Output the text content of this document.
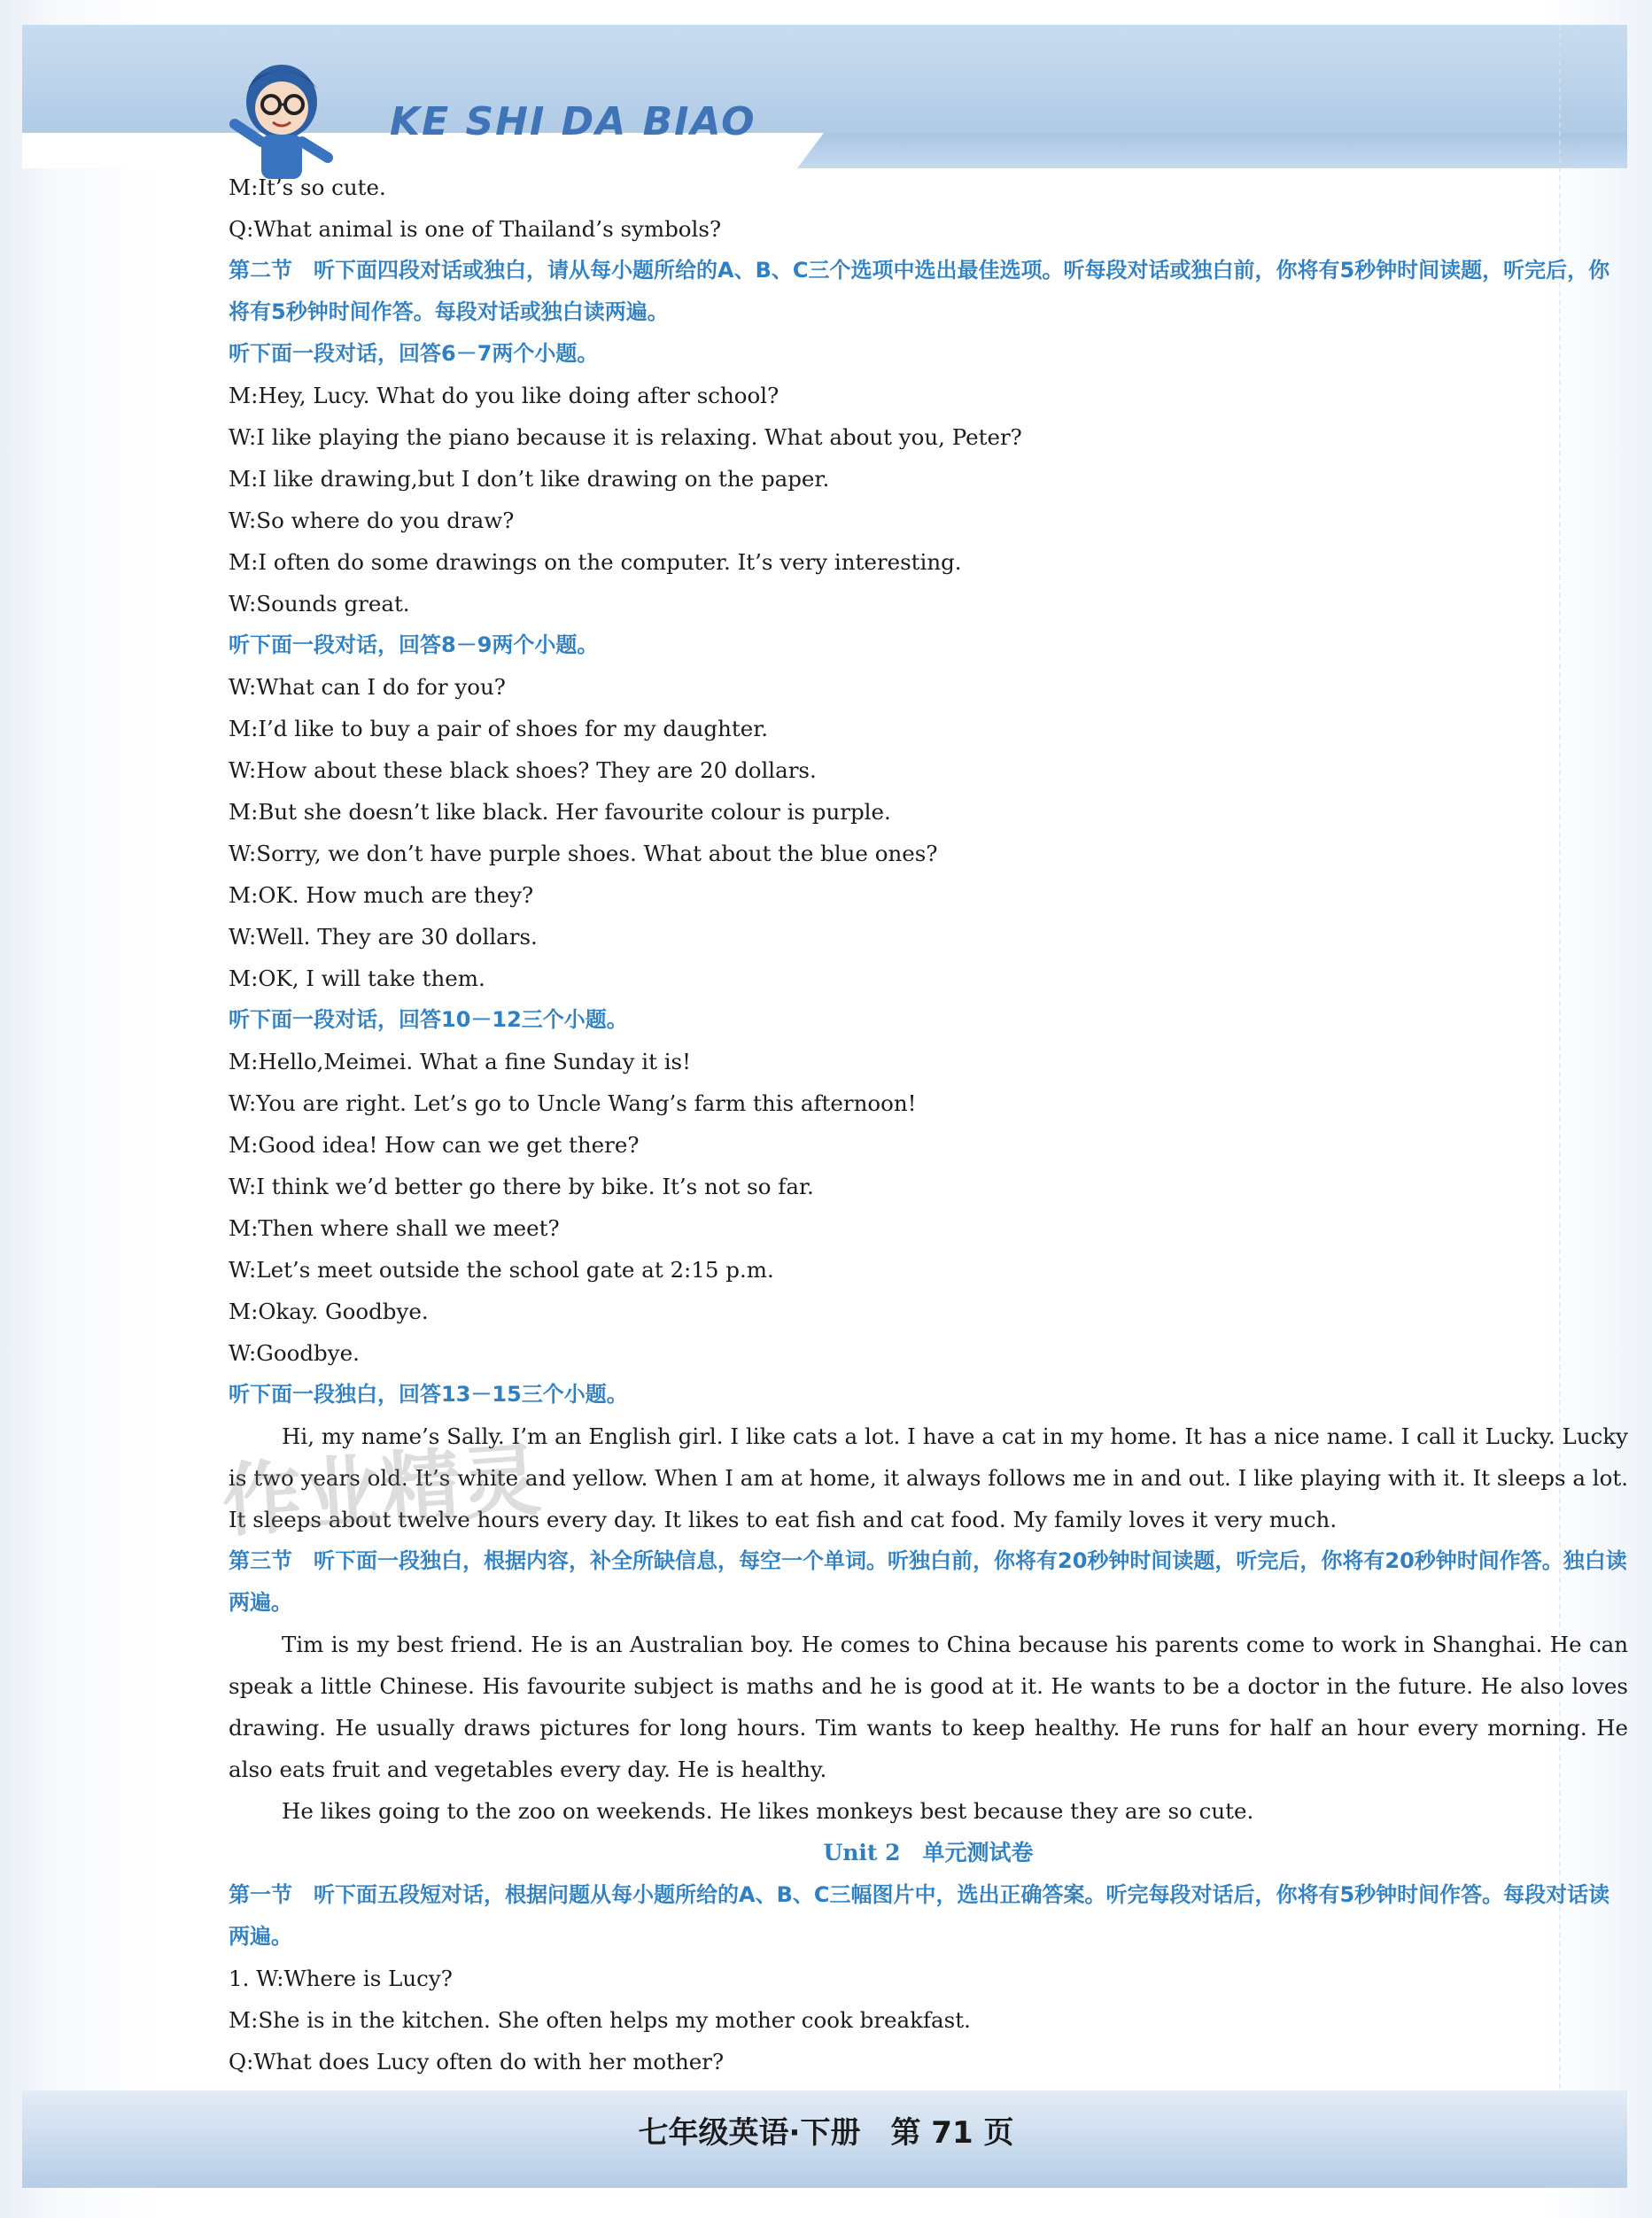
KE SHI DA BIAO
M:It’s so cute.
Q:What animal is one of Thailand’s symbols?
第二节　听下面四段对话或独白，请从每小题所给的A、B、C三个选项中选出最佳选项。听每段对话或独白前，你将有5秒钟时间读题，听完后，你将有5秒钟时间作答。每段对话或独白读两遍。
听下面一段对话，回答6－7两个小题。
M:Hey, Lucy. What do you like doing after school?
W:I like playing the piano because it is relaxing. What about you, Peter?
M:I like drawing,but I don’t like drawing on the paper.
W:So where do you draw?
M:I often do some drawings on the computer. It’s very interesting.
W:Sounds great.
听下面一段对话，回答8－9两个小题。
W:What can I do for you?
M:I’d like to buy a pair of shoes for my daughter.
W:How about these black shoes? They are 20 dollars.
M:But she doesn’t like black. Her favourite colour is purple.
W:Sorry, we don’t have purple shoes. What about the blue ones?
M:OK. How much are they?
W:Well. They are 30 dollars.
M:OK, I will take them.
听下面一段对话，回答10－12三个小题。
M:Hello,Meimei. What a fine Sunday it is!
W:You are right. Let’s go to Uncle Wang’s farm this afternoon!
M:Good idea! How can we get there?
W:I think we’d better go there by bike. It’s not so far.
M:Then where shall we meet?
W:Let’s meet outside the school gate at 2:15 p.m.
M:Okay. Goodbye.
W:Goodbye.
听下面一段独白，回答13－15三个小题。
Hi, my name’s Sally. I’m an English girl. I like cats a lot. I have a cat in my home. It has a nice name. I call it Lucky. Lucky is two years old. It’s white and yellow. When I am at home, it always follows me in and out. I like playing with it. It sleeps a lot. It sleeps about twelve hours every day. It likes to eat fish and cat food. My family loves it very much.
第三节　听下面一段独白，根据内容，补全所缺信息，每空一个单词。听独白前，你将有20秒钟时间读题，听完后，你将有20秒钟时间作答。独白读两遍。
Tim is my best friend. He is an Australian boy. He comes to China because his parents come to work in Shanghai. He can speak a little Chinese. His favourite subject is maths and he is good at it. He wants to be a doctor in the future. He also loves drawing. He usually draws pictures for long hours. Tim wants to keep healthy. He runs for half an hour every morning. He also eats fruit and vegetables every day. He is healthy.
He likes going to the zoo on weekends. He likes monkeys best because they are so cute.
Unit 2　单元测试卷
第一节　听下面五段短对话，根据问题从每小题所给的A、B、C三幅图片中，选出正确答案。听完每段对话后，你将有5秒钟时间作答。每段对话读两遍。
1. W:Where is Lucy?
M:She is in the kitchen. She often helps my mother cook breakfast.
Q:What does Lucy often do with her mother?
七年级英语·下册　第 71 页
作业精灵
